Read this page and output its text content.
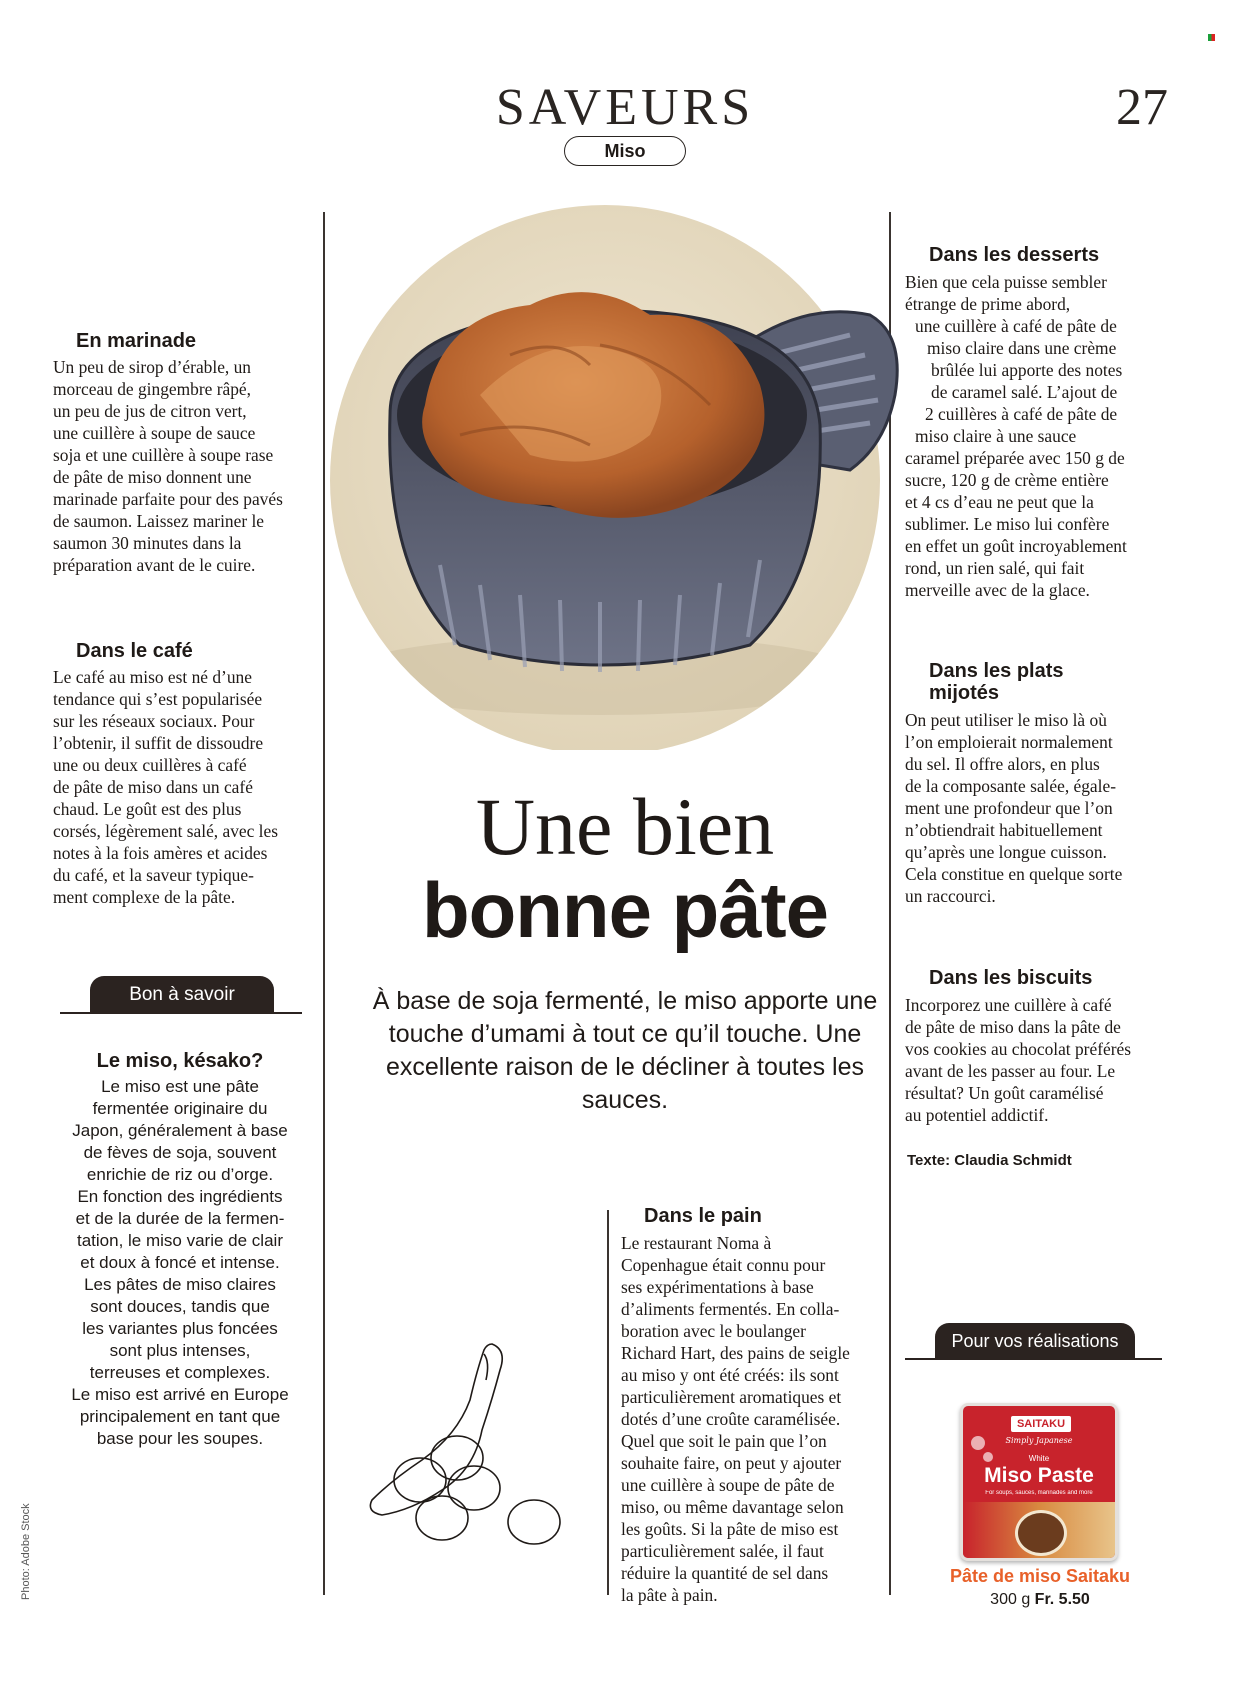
SAVEURS
Miso
27
Une bien
bonne pâte
À base de soja fermenté, le miso apporte une touche d’umami à tout ce qu’il touche. Une excellente raison de le décliner à toutes les sauces.
En marinade
Un peu de sirop d’érable, un
morceau de gingembre râpé,
un peu de jus de citron vert,
une cuillère à soupe de sauce
soja et une cuillère à soupe rase
de pâte de miso donnent une
marinade parfaite pour des pavés
de saumon. Laissez mariner le
saumon 30 minutes dans la
préparation avant de le cuire.
Dans le café
Le café au miso est né d’une
tendance qui s’est popularisée
sur les réseaux sociaux. Pour
l’obtenir, il suffit de dissoudre
une ou deux cuillères à café
de pâte de miso dans un café
chaud. Le goût est des plus
corsés, légèrement salé, avec les
notes à la fois amères et acides
du café, et la saveur typique-
ment complexe de la pâte.
Bon à savoir
Le miso, késako?
Le miso est une pâte
fermentée originaire du
Japon, généralement à base
de fèves de soja, souvent
enrichie de riz ou d’orge.
En fonction des ingrédients
et de la durée de la fermen-
tation, le miso varie de clair
et doux à foncé et intense.
Les pâtes de miso claires
sont douces, tandis que
les variantes plus foncées
sont plus intenses,
terreuses et complexes.
Le miso est arrivé en Europe
principalement en tant que
base pour les soupes.
Photo: Adobe Stock
Dans le pain
Le restaurant Noma à
Copenhague était connu pour
ses expérimentations à base
d’aliments fermentés. En colla-
boration avec le boulanger
Richard Hart, des pains de seigle
au miso y ont été créés: ils sont
particulièrement aromatiques et
dotés d’une croûte caramélisée.
Quel que soit le pain que l’on
souhaite faire, on peut y ajouter
une cuillère à soupe de pâte de
miso, ou même davantage selon
les goûts. Si la pâte de miso est
particulièrement salée, il faut
réduire la quantité de sel dans
la pâte à pain.
Dans les desserts
Bien que cela puisse sembler
étrange de prime abord,
une cuillère à café de pâte de
miso claire dans une crème
brûlée lui apporte des notes
de caramel salé. L’ajout de
2 cuillères à café de pâte de
miso claire à une sauce
caramel préparée avec 150 g de
sucre, 120 g de crème entière
et 4 cs d’eau ne peut que la
sublimer. Le miso lui confère
en effet un goût incroyablement
rond, un rien salé, qui fait
merveille avec de la glace.
Dans les plats
mijotés
On peut utiliser le miso là où
l’on emploierait normalement
du sel. Il offre alors, en plus
de la composante salée, égale-
ment une profondeur que l’on
n’obtiendrait habituellement
qu’après une longue cuisson.
Cela constitue en quelque sorte
un raccourci.
Dans les biscuits
Incorporez une cuillère à café
de pâte de miso dans la pâte de
vos cookies au chocolat préférés
avant de les passer au four. Le
résultat? Un goût caramélisé
au potentiel addictif.
Texte: Claudia Schmidt
Pour vos réalisations
SAITAKU
Simply Japanese
White
Miso Paste
For soups, sauces, marinades and more
Pâte de miso Saitaku
300 g Fr. 5.50
